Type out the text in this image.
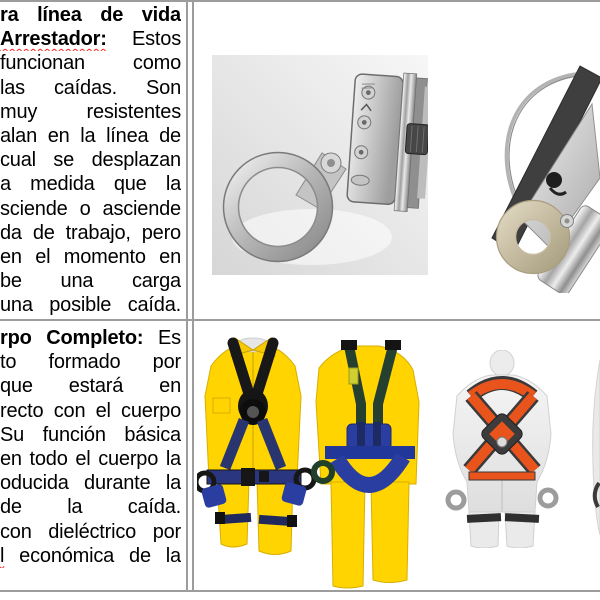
ra línea de vida
Arrestador: Estos
funcionan como
las caídas. Son
muy resistentes
alan en la línea de
cual se desplazan
a medida que la
sciende o asciende
da de trabajo, pero
en el momento en
be una carga
una posible caída.
rpo Completo: Es
to formado por
que estará en
recto con el cuerpo
Su función básica
en todo el cuerpo la
oducida durante la
de la caída.
con dieléctrico por
l económica de la
